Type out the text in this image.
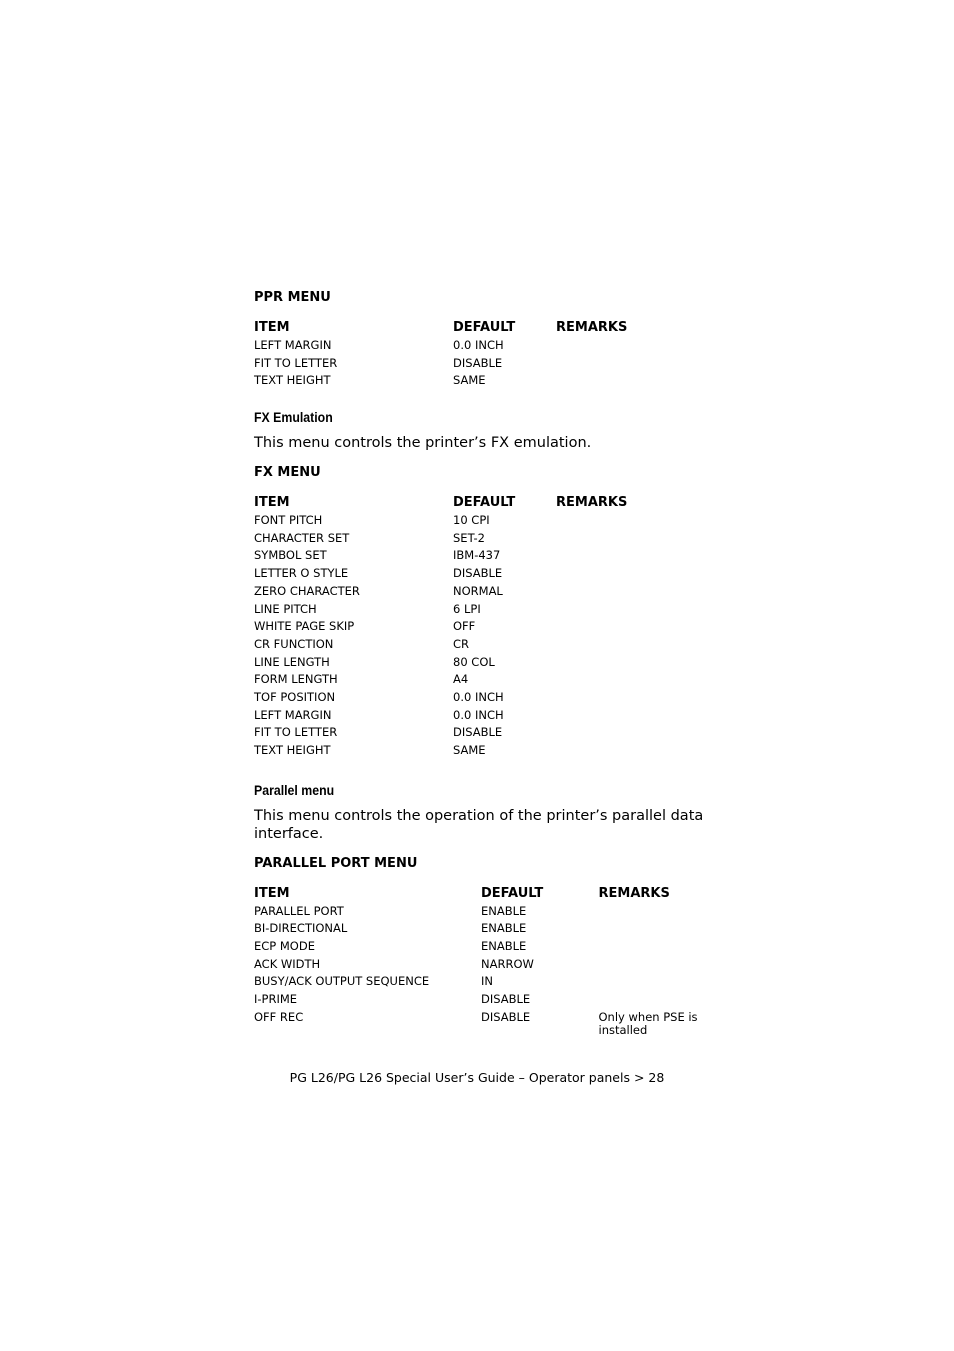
PPR MENU

ITEM	DEFAULT	REMARKS
LEFT MARGIN	0.0 INCH	
FIT TO LETTER	DISABLE	
TEXT HEIGHT	SAME	
FX Emulation

This menu controls the printer’s FX emulation.

FX MENU

ITEM	DEFAULT	REMARKS
FONT PITCH	10 CPI	
CHARACTER SET	SET-2	
SYMBOL SET	IBM-437	
LETTER O STYLE	DISABLE	
ZERO CHARACTER	NORMAL	
LINE PITCH	6 LPI	
WHITE PAGE SKIP	OFF	
CR FUNCTION	CR	
LINE LENGTH	80 COL	
FORM LENGTH	A4	
TOF POSITION	0.0 INCH	
LEFT MARGIN	0.0 INCH	
FIT TO LETTER	DISABLE	
TEXT HEIGHT	SAME	
Parallel menu

This menu controls the operation of the printer’s parallel data interface.

PARALLEL PORT MENU

ITEM	DEFAULT	REMARKS
PARALLEL PORT	ENABLE	
BI-DIRECTIONAL	ENABLE	
ECP MODE	ENABLE	
ACK WIDTH	NARROW	
BUSY/ACK OUTPUT SEQUENCE	IN	
I-PRIME	DISABLE	
OFF REC	DISABLE	Only when PSE is installed
PG L26/PG L26 Special User’s Guide – Operator panels > 28
